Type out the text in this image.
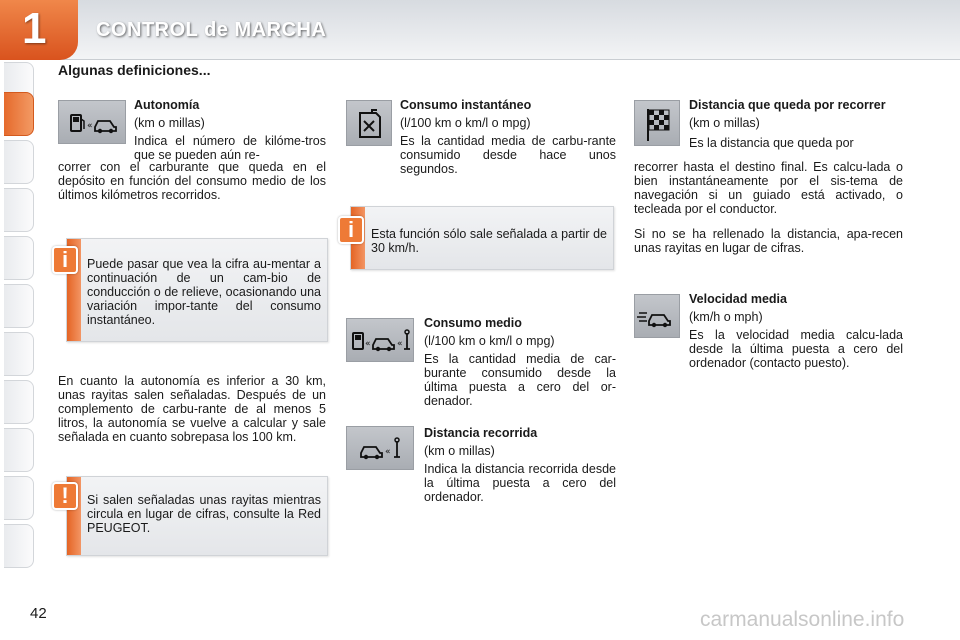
1 CONTROL de MARCHA
Algunas definiciones...
«
Autonomía
(km o millas)
Indica el número de kilóme-tros que se pueden aún re-
correr con el carburante que queda en el depósito en función del consumo medio de los últimos kilómetros recorridos.
Puede pasar que vea la cifra au-mentar a continuación de un cam-bio de conducción o de relieve, ocasionando una variación impor-tante del consumo instantáneo.
i
En cuanto la autonomía es inferior a 30 km, unas rayitas salen señaladas. Después de un complemento de carbu-rante de al menos 5 litros, la autonomía se vuelve a calcular y sale señalada en cuanto sobrepasa los 100 km.
Si salen señaladas unas rayitas mientras circula en lugar de cifras, consulte la Red PEUGEOT.
!
Consumo instantáneo
(l/100 km o km/l o mpg)
Es la cantidad media de carbu-rante consumido desde hace unos segundos.
Esta función sólo sale señalada a partir de 30 km/h.
i
«	«
Consumo medio
(l/100 km o km/l o mpg)
Es la cantidad media de car-burante consumido desde la última puesta a cero del or-denador.
«
Distancia recorrida
(km o millas)
Indica la distancia recorrida desde la última puesta a cero del ordenador.
Distancia que queda por recorrer
(km o millas)
Es la distancia que queda por
recorrer hasta el destino final. Es calcu-lada o bien instantáneamente por el sis-tema de navegación si un guiado está activado, o tecleada por el conductor.
Si no se ha rellenado la distancia, apa-recen unas rayitas en lugar de cifras.
Velocidad media
(km/h o mph)
Es la velocidad media calcu-lada desde la última puesta a cero del ordenador (contacto puesto).
42	carmanualsonline.info
